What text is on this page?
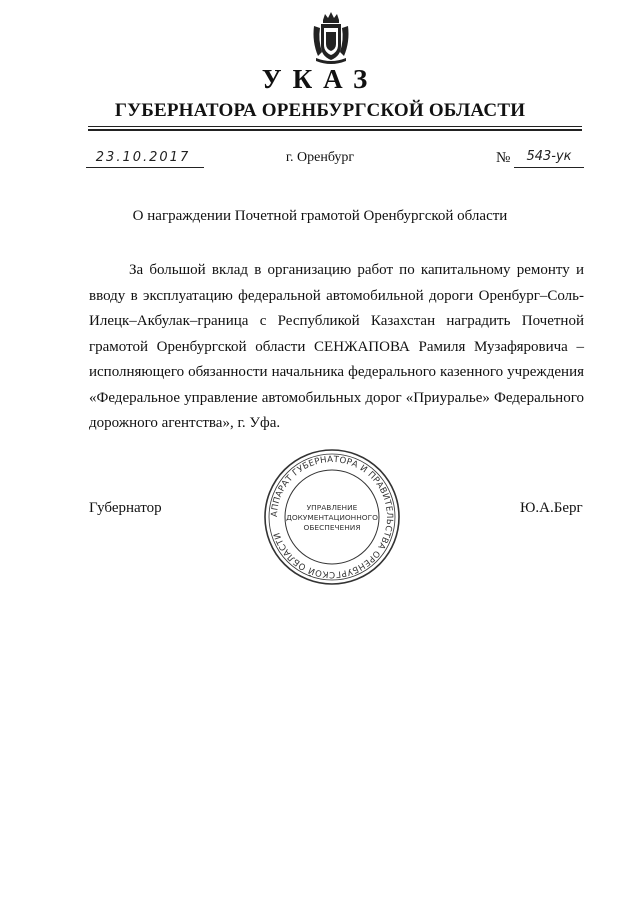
УКАЗ
ГУБЕРНАТОРА ОРЕНБУРГСКОЙ ОБЛАСТИ
23.10.2017	г. Оренбург	№	543-ук
О награждении Почетной грамотой Оренбургской области

За большой вклад в организацию работ по капитальному ремонту и вводу в эксплуатацию федеральной автомобильной дороги Оренбург–Соль-Илецк–Акбулак–граница с Республикой Казахстан наградить Почетной грамотой Оренбургской области СЕНЖАПОВА Рамиля Музафяровича – исполняющего обязанности начальника федерального казенного учреждения «Федеральное управление автомобильных дорог «Приуралье» Федерального дорожного агентства», г. Уфа.

АППАРАТ ГУБЕРНАТОРА И ПРАВИТЕЛЬСТВА ОРЕНБУРГСКОЙ ОБЛАСТИ
УПРАВЛЕНИЕ
ДОКУМЕНТАЦИОННОГО
ОБЕСПЕЧЕНИЯ
Губернатор	Ю.А.Берг
